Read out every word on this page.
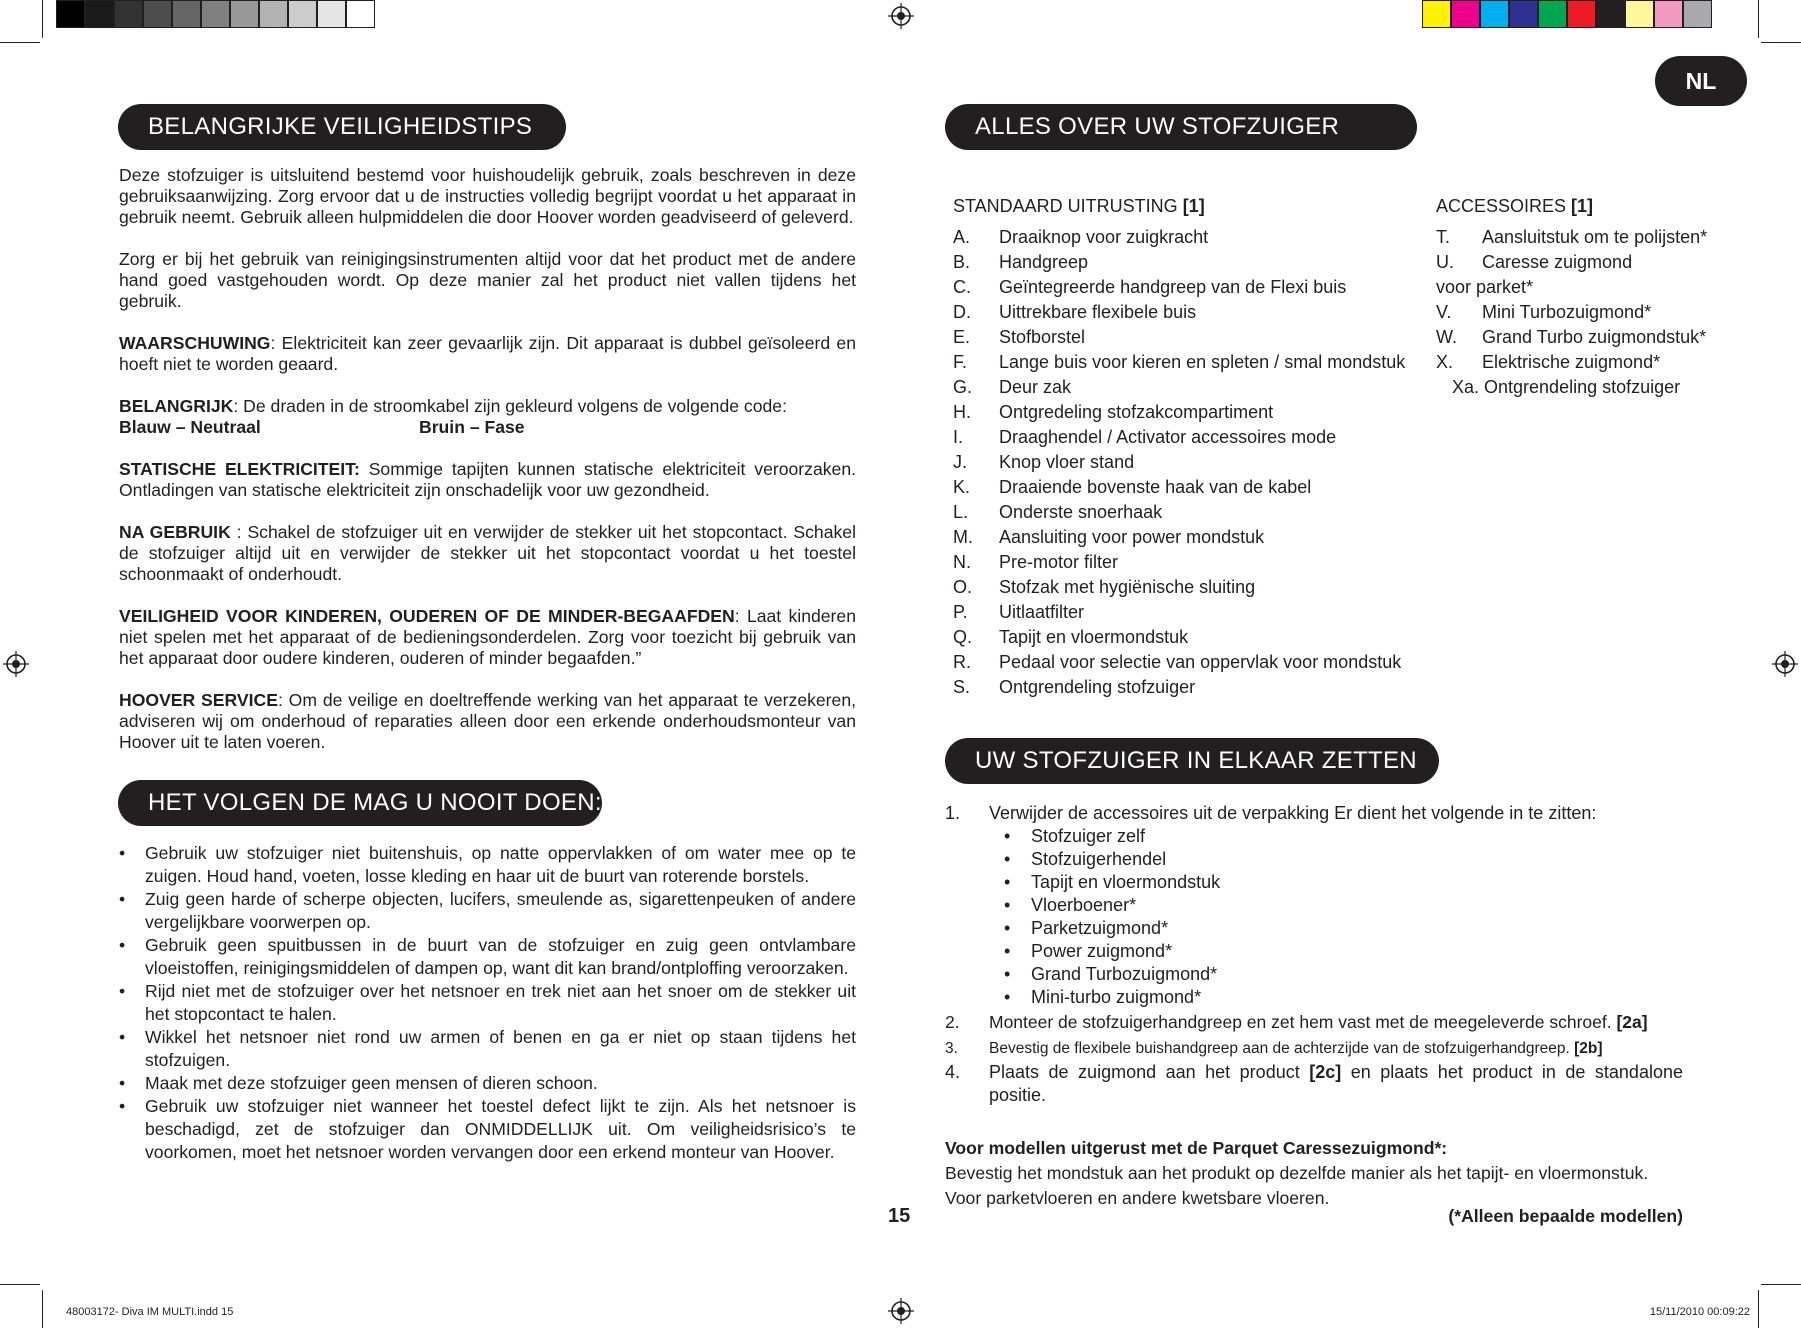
NL
BELANGRIJKE VEILIGHEIDSTIPS

Deze stofzuiger is uitsluitend bestemd voor huishoudelijk gebruik, zoals beschreven in deze gebruiksaanwijzing. Zorg ervoor dat u de instructies volledig begrijpt voordat u het apparaat in gebruik neemt. Gebruik alleen hulpmiddelen die door Hoover worden geadviseerd of geleverd.

Zorg er bij het gebruik van reinigingsinstrumenten altijd voor dat het product met de andere hand goed vastgehouden wordt. Op deze manier zal het product niet vallen tijdens het gebruik.

WAARSCHUWING: Elektriciteit kan zeer gevaarlijk zijn. Dit apparaat is dubbel geïsoleerd en hoeft niet te worden geaard.

BELANGRIJK: De draden in de stroomkabel zijn gekleurd volgens de volgende code:

Blauw – Neutraal	Bruin – Fase

STATISCHE ELEKTRICITEIT: Sommige tapijten kunnen statische elektriciteit veroorzaken. Ontladingen van statische elektriciteit zijn onschadelijk voor uw gezondheid.

NA GEBRUIK : Schakel de stofzuiger uit en verwijder de stekker uit het stopcontact. Schakel de stofzuiger altijd uit en verwijder de stekker uit het stopcontact voordat u het toestel schoonmaakt of onderhoudt.

VEILIGHEID VOOR KINDEREN, OUDEREN OF DE MINDER-BEGAAFDEN: Laat kinderen niet spelen met het apparaat of de bedieningsonderdelen. Zorg voor toezicht bij gebruik van het apparaat door oudere kinderen, ouderen of minder begaafden.”

HOOVER SERVICE: Om de veilige en doeltreffende werking van het apparaat te verzekeren, adviseren wij om onderhoud of reparaties alleen door een erkende onderhoudsmonteur van Hoover uit te laten voeren.

HET VOLGEN DE MAG U NOOIT DOEN:

• Gebruik uw stofzuiger niet buitenshuis, op natte oppervlakken of om water mee op te zuigen. Houd hand, voeten, losse kleding en haar uit de buurt van roterende borstels.

• Zuig geen harde of scherpe objecten, lucifers, smeulende as, sigarettenpeuken of andere vergelijkbare voorwerpen op.

• Gebruik geen spuitbussen in de buurt van de stofzuiger en zuig geen ontvlambare vloeistoffen, reinigingsmiddelen of dampen op, want dit kan brand/ontploffing veroorzaken.

• Rijd niet met de stofzuiger over het netsnoer en trek niet aan het snoer om de stekker uit het stopcontact te halen.

• Wikkel het netsnoer niet rond uw armen of benen en ga er niet op staan tijdens het stofzuigen.

• Maak met deze stofzuiger geen mensen of dieren schoon.

• Gebruik uw stofzuiger niet wanneer het toestel defect lijkt te zijn. Als het netsnoer is beschadigd, zet de stofzuiger dan ONMIDDELLIJK uit. Om veiligheidsrisico’s te voorkomen, moet het netsnoer worden vervangen door een erkend monteur van Hoover.

15
ALLES OVER UW STOFZUIGER
STANDAARD UITRUSTING [1]
A. Draaiknop voor zuigkracht
B. Handgreep
C. Geïntegreerde handgreep van de Flexi buis
D. Uittrekbare flexibele buis
E. Stofborstel
F. Lange buis voor kieren en spleten / smal mondstuk
G. Deur zak
H. Ontgredeling stofzakcompartiment
I. Draaghendel / Activator accessoires mode
J. Knop vloer stand
K. Draaiende bovenste haak van de kabel
L. Onderste snoerhaak
M. Aansluiting voor power mondstuk
N. Pre-motor filter
O. Stofzak met hygiënische sluiting
P. Uitlaatfilter
Q. Tapijt en vloermondstuk
R. Pedaal voor selectie van oppervlak voor mondstuk
S. Ontgrendeling stofzuiger
ACCESSOIRES [1]
T. Aansluitstuk om te polijsten*
U. Caresse zuigmond
voor parket*
V. Mini Turbozuigmond*
W. Grand Turbo zuigmondstuk*
X. Elektrische zuigmond*
Xa. Ontgrendeling stofzuiger
UW STOFZUIGER IN ELKAAR ZETTEN
1. Verwijder de accessoires uit de verpakking Er dient het volgende in te zitten:
Stofzuiger zelf
Stofzuigerhendel
Tapijt en vloermondstuk
Vloerboener*
Parketzuigmond*
Power zuigmond*
Grand Turbozuigmond*
Mini-turbo zuigmond*
2. Monteer de stofzuigerhandgreep en zet hem vast met de meegeleverde schroef. [2a]
3. Bevestig de flexibele buishandgreep aan de achterzijde van de stofzuigerhandgreep. [2b]
4. Plaats de zuigmond aan het product [2c] en plaats het product in de standalone positie.
Voor modellen uitgerust met de Parquet Caressezuigmond*:
Bevestig het mondstuk aan het produkt op dezelfde manier als het tapijt- en vloermonstuk.
Voor parketvloeren en andere kwetsbare vloeren.
(*Alleen bepaalde modellen)
48003172- Diva IM MULTI.indd 15	15/11/2010 00:09:22
